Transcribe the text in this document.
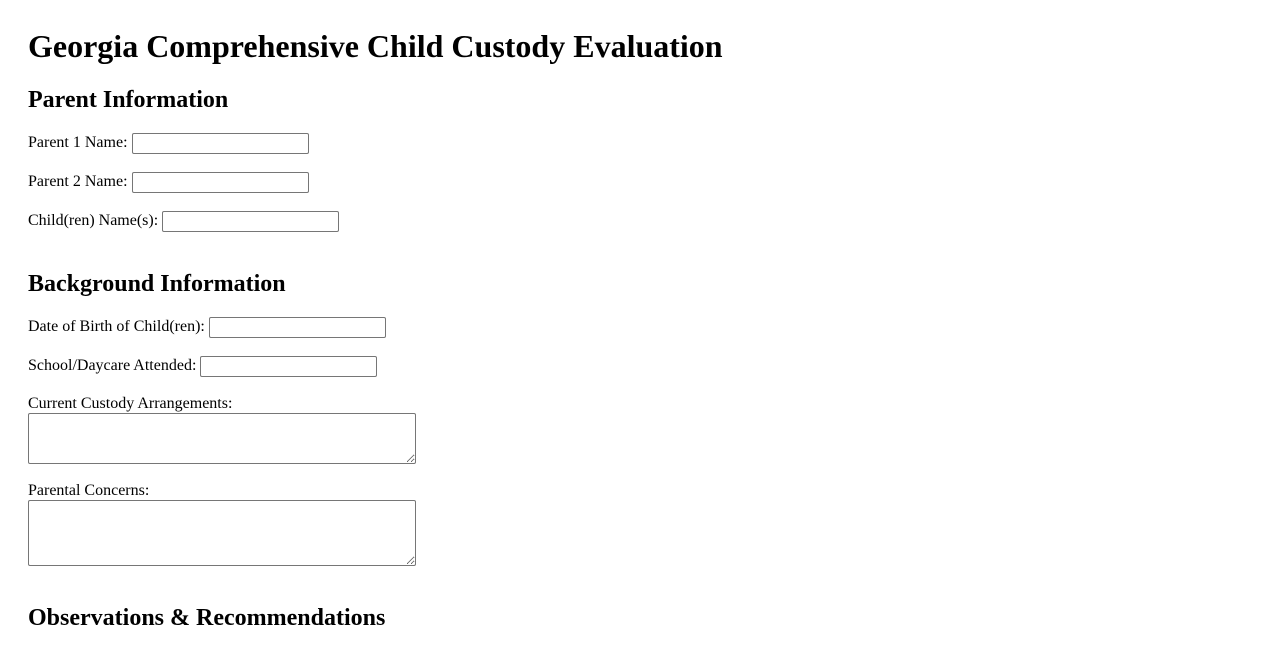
Georgia Comprehensive Child Custody Evaluation
Parent Information
Parent 1 Name:
Parent 2 Name:
Child(ren) Name(s):
Background Information
Date of Birth of Child(ren):
School/Daycare Attended:
Current Custody Arrangements:
Parental Concerns:
Observations & Recommendations
